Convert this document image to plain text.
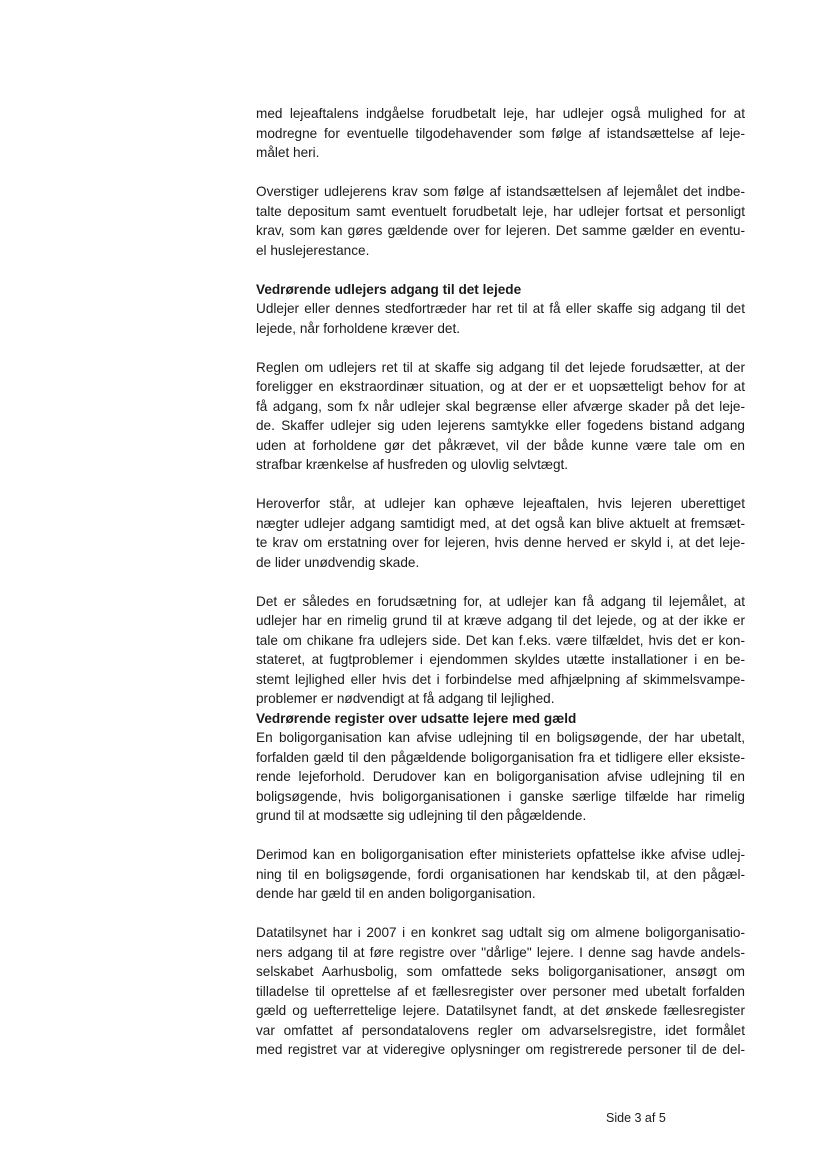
med lejeaftalens indgåelse forudbetalt leje, har udlejer også mulighed for at
modregne for eventuelle tilgodehavender som følge af istandsættelse af leje-
målet heri.

Overstiger udlejerens krav som følge af istandsættelsen af lejemålet det indbe-
talte depositum samt eventuelt forudbetalt leje, har udlejer fortsat et personligt
krav, som kan gøres gældende over for lejeren. Det samme gælder en eventu-
el huslejerestance.

Vedrørende udlejers adgang til det lejede
Udlejer eller dennes stedfortræder har ret til at få eller skaffe sig adgang til det
lejede, når forholdene kræver det.

Reglen om udlejers ret til at skaffe sig adgang til det lejede forudsætter, at der
foreligger en ekstraordinær situation, og at der er et uopsætteligt behov for at
få adgang, som fx når udlejer skal begrænse eller afværge skader på det leje-
de. Skaffer udlejer sig uden lejerens samtykke eller fogedens bistand adgang
uden at forholdene gør det påkrævet, vil der både kunne være tale om en
strafbar krænkelse af husfreden og ulovlig selvtægt.

Heroverfor står, at udlejer kan ophæve lejeaftalen, hvis lejeren uberettiget
nægter udlejer adgang samtidigt med, at det også kan blive aktuelt at fremsæt-
te krav om erstatning over for lejeren, hvis denne herved er skyld i, at det leje-
de lider unødvendig skade.

Det er således en forudsætning for, at udlejer kan få adgang til lejemålet, at
udlejer har en rimelig grund til at kræve adgang til det lejede, og at der ikke er
tale om chikane fra udlejers side. Det kan f.eks. være tilfældet, hvis det er kon-
stateret, at fugtproblemer i ejendommen skyldes utætte installationer i en be-
stemt lejlighed eller hvis det i forbindelse med afhjælpning af skimmelsvampe-
problemer er nødvendigt at få adgang til lejlighed.

Vedrørende register over udsatte lejere med gæld
En boligorganisation kan afvise udlejning til en boligsøgende, der har ubetalt,
forfalden gæld til den pågældende boligorganisation fra et tidligere eller eksiste-
rende lejeforhold. Derudover kan en boligorganisation afvise udlejning til en
boligsøgende, hvis boligorganisationen i ganske særlige tilfælde har rimelig
grund til at modsætte sig udlejning til den pågældende.

Derimod kan en boligorganisation efter ministeriets opfattelse ikke afvise udlej-
ning til en boligsøgende, fordi organisationen har kendskab til, at den pågæl-
dende har gæld til en anden boligorganisation.

Datatilsynet har i 2007 i en konkret sag udtalt sig om almene boligorganisatio-
ners adgang til at føre registre over "dårlige" lejere. I denne sag havde andels-
selskabet Aarhusbolig, som omfattede seks boligorganisationer, ansøgt om
tilladelse til oprettelse af et fællesregister over personer med ubetalt forfalden
gæld og uefterrettelige lejere. Datatilsynet fandt, at det ønskede fællesregister
var omfattet af persondatalovens regler om advarselsregistre, idet formålet
med registret var at videregive oplysninger om registrerede personer til de del-

Side 3 af 5
